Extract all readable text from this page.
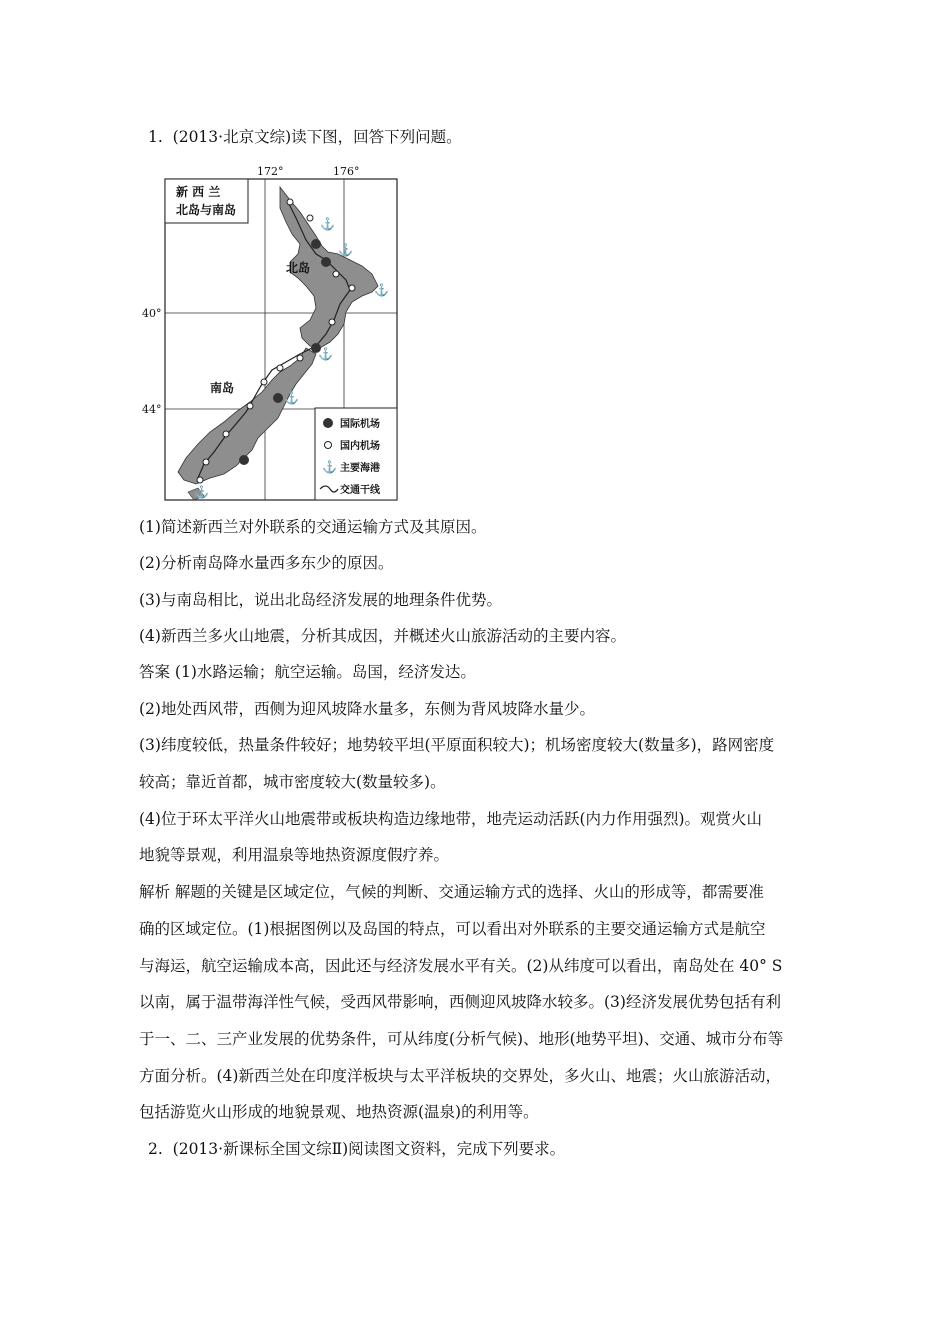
1. (2013·北京文综)读下图，回答下列问题。
新 西 兰
北岛与南岛
172°	176°
40°
44°
北岛
南岛
⚓
⚓
⚓
⚓
⚓
⚓
国际机场
国内机场
⚓ 主要海港
交通干线
(1)简述新西兰对外联系的交通运输方式及其原因。
(2)分析南岛降水量西多东少的原因。
(3)与南岛相比，说出北岛经济发展的地理条件优势。
(4)新西兰多火山地震，分析其成因，并概述火山旅游活动的主要内容。
答案 (1)水路运输；航空运输。岛国，经济发达。
(2)地处西风带，西侧为迎风坡降水量多，东侧为背风坡降水量少。
(3)纬度较低，热量条件较好；地势较平坦(平原面积较大)；机场密度较大(数量多)，路网密度
较高；靠近首都，城市密度较大(数量较多)。
(4)位于环太平洋火山地震带或板块构造边缘地带，地壳运动活跃(内力作用强烈)。观赏火山
地貌等景观，利用温泉等地热资源度假疗养。
解析 解题的关键是区域定位，气候的判断、交通运输方式的选择、火山的形成等，都需要准
确的区域定位。(1)根据图例以及岛国的特点，可以看出对外联系的主要交通运输方式是航空
与海运，航空运输成本高，因此还与经济发展水平有关。(2)从纬度可以看出，南岛处在 40° S
以南，属于温带海洋性气候，受西风带影响，西侧迎风坡降水较多。(3)经济发展优势包括有利
于一、二、三产业发展的优势条件，可从纬度(分析气候)、地形(地势平坦)、交通、城市分布等
方面分析。(4)新西兰处在印度洋板块与太平洋板块的交界处，多火山、地震；火山旅游活动，
包括游览火山形成的地貌景观、地热资源(温泉)的利用等。
2. (2013·新课标全国文综Ⅱ)阅读图文资料，完成下列要求。
